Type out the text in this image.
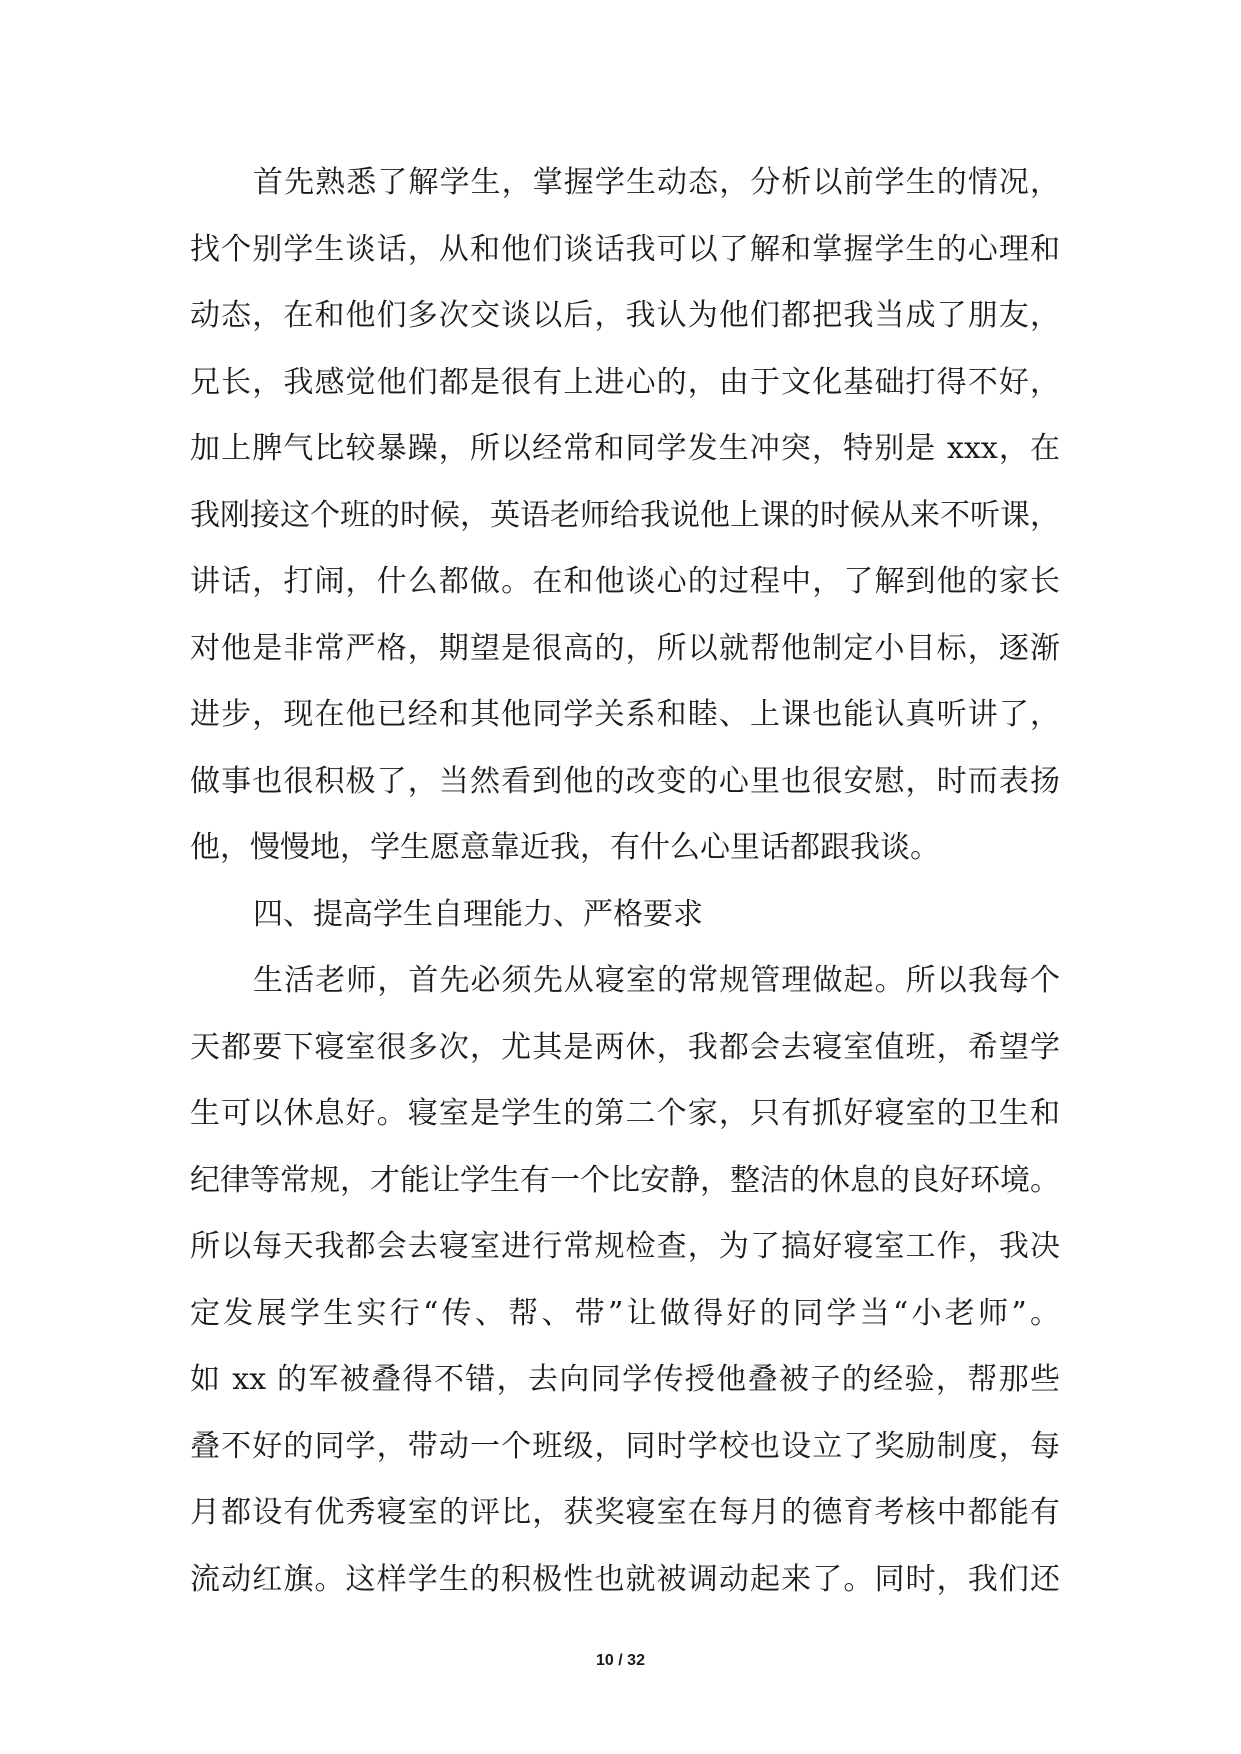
首先熟悉了解学生，掌握学生动态，分析以前学生的情况，
找个别学生谈话，从和他们谈话我可以了解和掌握学生的心理和
动态，在和他们多次交谈以后，我认为他们都把我当成了朋友，
兄长，我感觉他们都是很有上进心的，由于文化基础打得不好，
加上脾气比较暴躁，所以经常和同学发生冲突，特别是 xxx，在
我刚接这个班的时候，英语老师给我说他上课的时候从来不听课，
讲话，打闹，什么都做。在和他谈心的过程中，了解到他的家长
对他是非常严格，期望是很高的，所以就帮他制定小目标，逐渐
进步，现在他已经和其他同学关系和睦、上课也能认真听讲了，
做事也很积极了，当然看到他的改变的心里也很安慰，时而表扬
他，慢慢地，学生愿意靠近我，有什么心里话都跟我谈。
四、提高学生自理能力、严格要求
生活老师，首先必须先从寝室的常规管理做起。所以我每个
天都要下寝室很多次，尤其是两休，我都会去寝室值班，希望学
生可以休息好。寝室是学生的第二个家，只有抓好寝室的卫生和
纪律等常规，才能让学生有一个比安静，整洁的休息的良好环境。
所以每天我都会去寝室进行常规检查，为了搞好寝室工作，我决
定发展学生实行“传、帮、带”让做得好的同学当“小老师”。
如 xx 的军被叠得不错，去向同学传授他叠被子的经验，帮那些
叠不好的同学，带动一个班级，同时学校也设立了奖励制度，每
月都设有优秀寝室的评比，获奖寝室在每月的德育考核中都能有
流动红旗。这样学生的积极性也就被调动起来了。同时，我们还
10 / 32
